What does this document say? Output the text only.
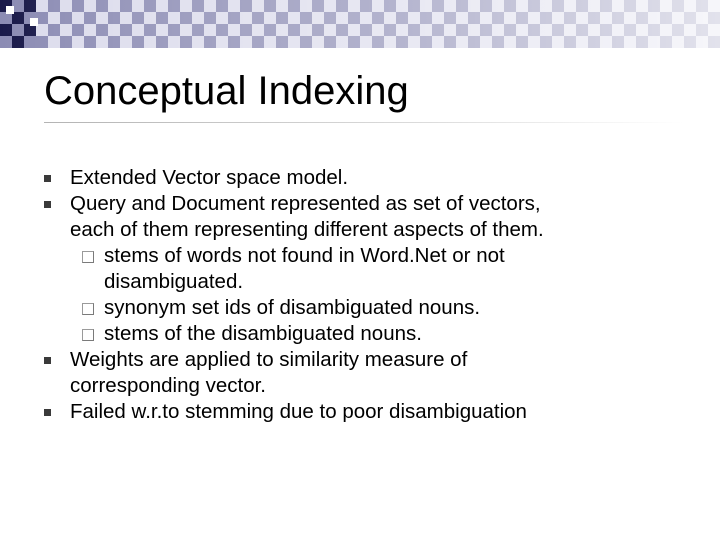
Conceptual Indexing
Extended Vector space model.
Query and Document represented as set of vectors,
each of them representing different aspects of them.
stems of words not found in Word.Net or not
disambiguated.
synonym set ids of disambiguated nouns.
stems of the disambiguated nouns.
Weights are applied to similarity measure of
corresponding vector.
Failed w.r.to stemming due to poor disambiguation
